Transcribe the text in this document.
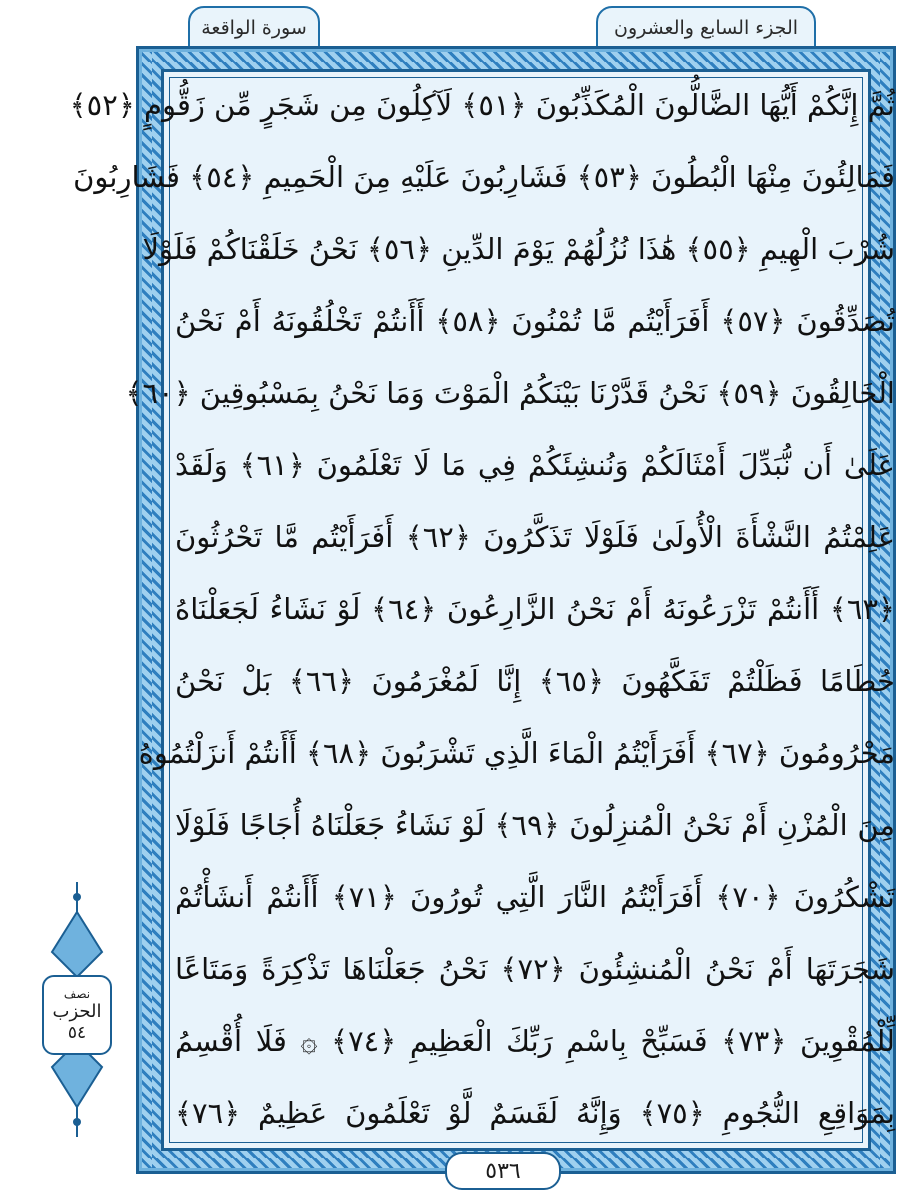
الجزء السابع والعشرون
سورة الواقعة
ثُمَّ إِنَّكُمْ أَيُّهَا الضَّالُّونَ الْمُكَذِّبُونَ ﴿٥١﴾ لَآكِلُونَ مِن شَجَرٍ مِّن زَقُّومٍ ﴿٥٢﴾
فَمَالِئُونَ مِنْهَا الْبُطُونَ ﴿٥٣﴾ فَشَارِبُونَ عَلَيْهِ مِنَ الْحَمِيمِ ﴿٥٤﴾ فَشَارِبُونَ
شُرْبَ الْهِيمِ ﴿٥٥﴾ هَٰذَا نُزُلُهُمْ يَوْمَ الدِّينِ ﴿٥٦﴾ نَحْنُ خَلَقْنَاكُمْ فَلَوْلَا
تُصَدِّقُونَ ﴿٥٧﴾ أَفَرَأَيْتُم مَّا تُمْنُونَ ﴿٥٨﴾ أَأَنتُمْ تَخْلُقُونَهُ أَمْ نَحْنُ
الْخَالِقُونَ ﴿٥٩﴾ نَحْنُ قَدَّرْنَا بَيْنَكُمُ الْمَوْتَ وَمَا نَحْنُ بِمَسْبُوقِينَ ﴿٦٠﴾
عَلَىٰ أَن نُّبَدِّلَ أَمْثَالَكُمْ وَنُنشِئَكُمْ فِي مَا لَا تَعْلَمُونَ ﴿٦١﴾ وَلَقَدْ
عَلِمْتُمُ النَّشْأَةَ الْأُولَىٰ فَلَوْلَا تَذَكَّرُونَ ﴿٦٢﴾ أَفَرَأَيْتُم مَّا تَحْرُثُونَ
﴿٦٣﴾ أَأَنتُمْ تَزْرَعُونَهُ أَمْ نَحْنُ الزَّارِعُونَ ﴿٦٤﴾ لَوْ نَشَاءُ لَجَعَلْنَاهُ
حُطَامًا فَظَلْتُمْ تَفَكَّهُونَ ﴿٦٥﴾ إِنَّا لَمُغْرَمُونَ ﴿٦٦﴾ بَلْ نَحْنُ
مَحْرُومُونَ ﴿٦٧﴾ أَفَرَأَيْتُمُ الْمَاءَ الَّذِي تَشْرَبُونَ ﴿٦٨﴾ أَأَنتُمْ أَنزَلْتُمُوهُ
مِنَ الْمُزْنِ أَمْ نَحْنُ الْمُنزِلُونَ ﴿٦٩﴾ لَوْ نَشَاءُ جَعَلْنَاهُ أُجَاجًا فَلَوْلَا
تَشْكُرُونَ ﴿٧٠﴾ أَفَرَأَيْتُمُ النَّارَ الَّتِي تُورُونَ ﴿٧١﴾ أَأَنتُمْ أَنشَأْتُمْ
شَجَرَتَهَا أَمْ نَحْنُ الْمُنشِئُونَ ﴿٧٢﴾ نَحْنُ جَعَلْنَاهَا تَذْكِرَةً وَمَتَاعًا
لِّلْمُقْوِينَ ﴿٧٣﴾ فَسَبِّحْ بِاسْمِ رَبِّكَ الْعَظِيمِ ﴿٧٤﴾ ۞ فَلَا أُقْسِمُ
بِمَوَاقِعِ النُّجُومِ ﴿٧٥﴾ وَإِنَّهُ لَقَسَمٌ لَّوْ تَعْلَمُونَ عَظِيمٌ ﴿٧٦﴾
٥٣٦
نصف
الحزب
٥٤
